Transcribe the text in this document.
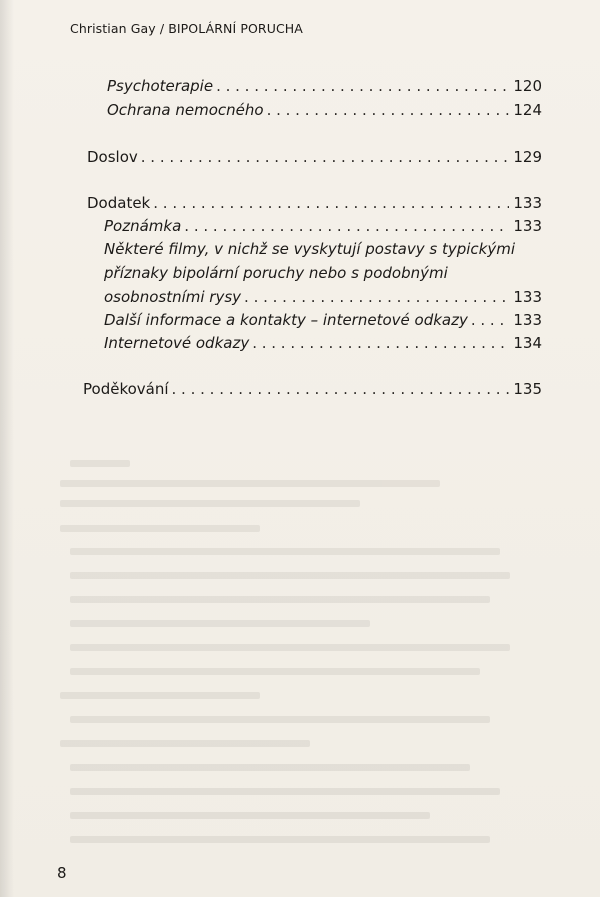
Christian Gay / BIPOLÁRNÍ PORUCHA
Psychoterapie . . .	120
Ochrana nemocného . . .	124
Doslov . . .	129
Dodatek . . .	133
Poznámka . . .	133
Některé filmy, v nichž se vyskytují postavy s typickými
příznaky bipolární poruchy nebo s podobnými
osobnostními rysy . . .	133
Další informace a kontakty – internetové odkazy . . .	133
Internetové odkazy . . .	134
Poděkování . . .	135
8
